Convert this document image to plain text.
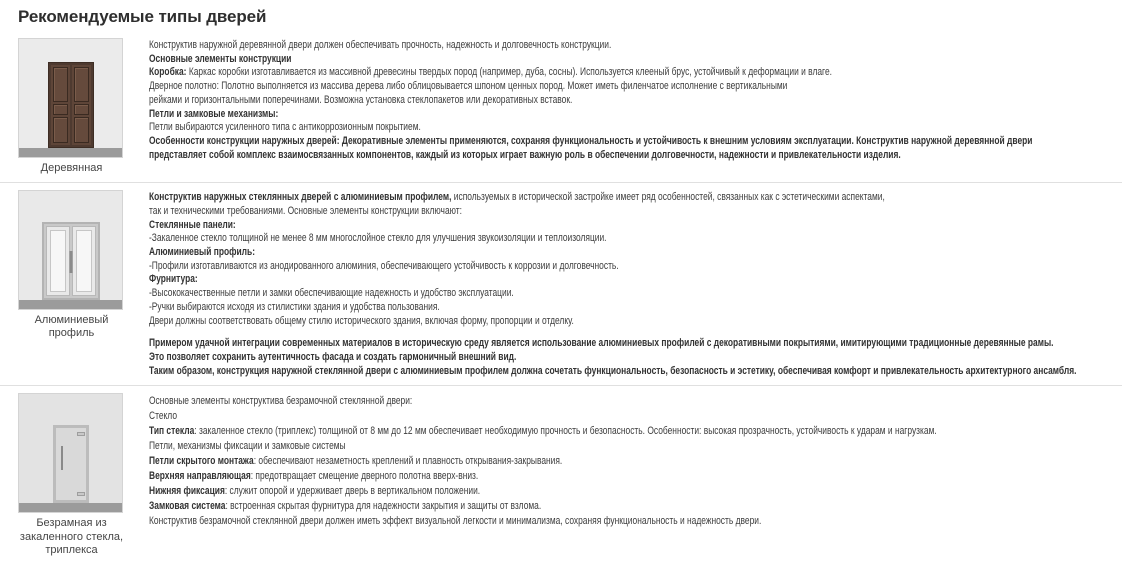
Рекомендуемые типы дверей
Деревянная
Конструктив наружной деревянной двери должен обеспечивать прочность, надежность и долговечность конструкции.
Основные элементы конструкции
Коробка: Каркас коробки изготавливается из массивной древесины твердых пород (например, дуба, сосны). Используется клееный брус, устойчивый к деформации и влаге.
Дверное полотно: Полотно выполняется из массива дерева либо облицовывается шпоном ценных пород. Может иметь филенчатое исполнение с вертикальными
рейками и горизонтальными поперечинами. Возможна установка стеклопакетов или декоративных вставок.
Петли и замковые механизмы:
Петли выбираются усиленного типа с антикоррозионным покрытием.
Особенности конструкции наружных дверей: Декоративные элементы применяются, сохраняя функциональность и устойчивость к внешним условиям эксплуатации. Конструктив наружной деревянной двери
представляет собой комплекс взаимосвязанных компонентов, каждый из которых играет важную роль в обеспечении долговечности, надежности и привлекательности изделия.
Алюминиевый профиль
Конструктив наружных стеклянных дверей с алюминиевым профилем, используемых в исторической застройке имеет ряд особенностей, связанных как с эстетическими аспектами,
так и техническими требованиями. Основные элементы конструкции включают:
Стеклянные панели:
-Закаленное стекло толщиной не менее 8 мм многослойное стекло для улучшения звукоизоляции и теплоизоляции.
Алюминиевый профиль:
-Профили изготавливаются из анодированного алюминия, обеспечивающего устойчивость к коррозии и долговечность.
Фурнитура:
-Высококачественные петли и замки обеспечивающие надежность и удобство эксплуатации.
-Ручки выбираются исходя из стилистики здания и удобства пользования.
Двери должны соответствовать общему стилю исторического здания, включая форму, пропорции и отделку.
Примером удачной интеграции современных материалов в историческую среду является использование алюминиевых профилей с декоративными покрытиями, имитирующими традиционные деревянные рамы.
Это позволяет сохранить аутентичность фасада и создать гармоничный внешний вид.
Таким образом, конструкция наружной стеклянной двери с алюминиевым профилем должна сочетать функциональность, безопасность и эстетику, обеспечивая комфорт и привлекательность архитектурного ансамбля.
Безрамная из закаленного стекла, триплекса
Основные элементы конструктива безрамочной стеклянной двери:
Стекло
Тип стекла: закаленное стекло (триплекс) толщиной от 8 мм до 12 мм обеспечивает необходимую прочность и безопасность. Особенности: высокая прозрачность, устойчивость к ударам и нагрузкам.
Петли, механизмы фиксации и замковые системы
Петли скрытого монтажа: обеспечивают незаметность креплений и плавность открывания-закрывания.
Верхняя направляющая: предотвращает смещение дверного полотна вверх-вниз.
Нижняя фиксация: служит опорой и удерживает дверь в вертикальном положении.
Замковая система: встроенная скрытая фурнитура для надежности закрытия и защиты от взлома.
Конструктив безрамочной стеклянной двери должен иметь эффект визуальной легкости и минимализма, сохраняя функциональность и надежность двери.
